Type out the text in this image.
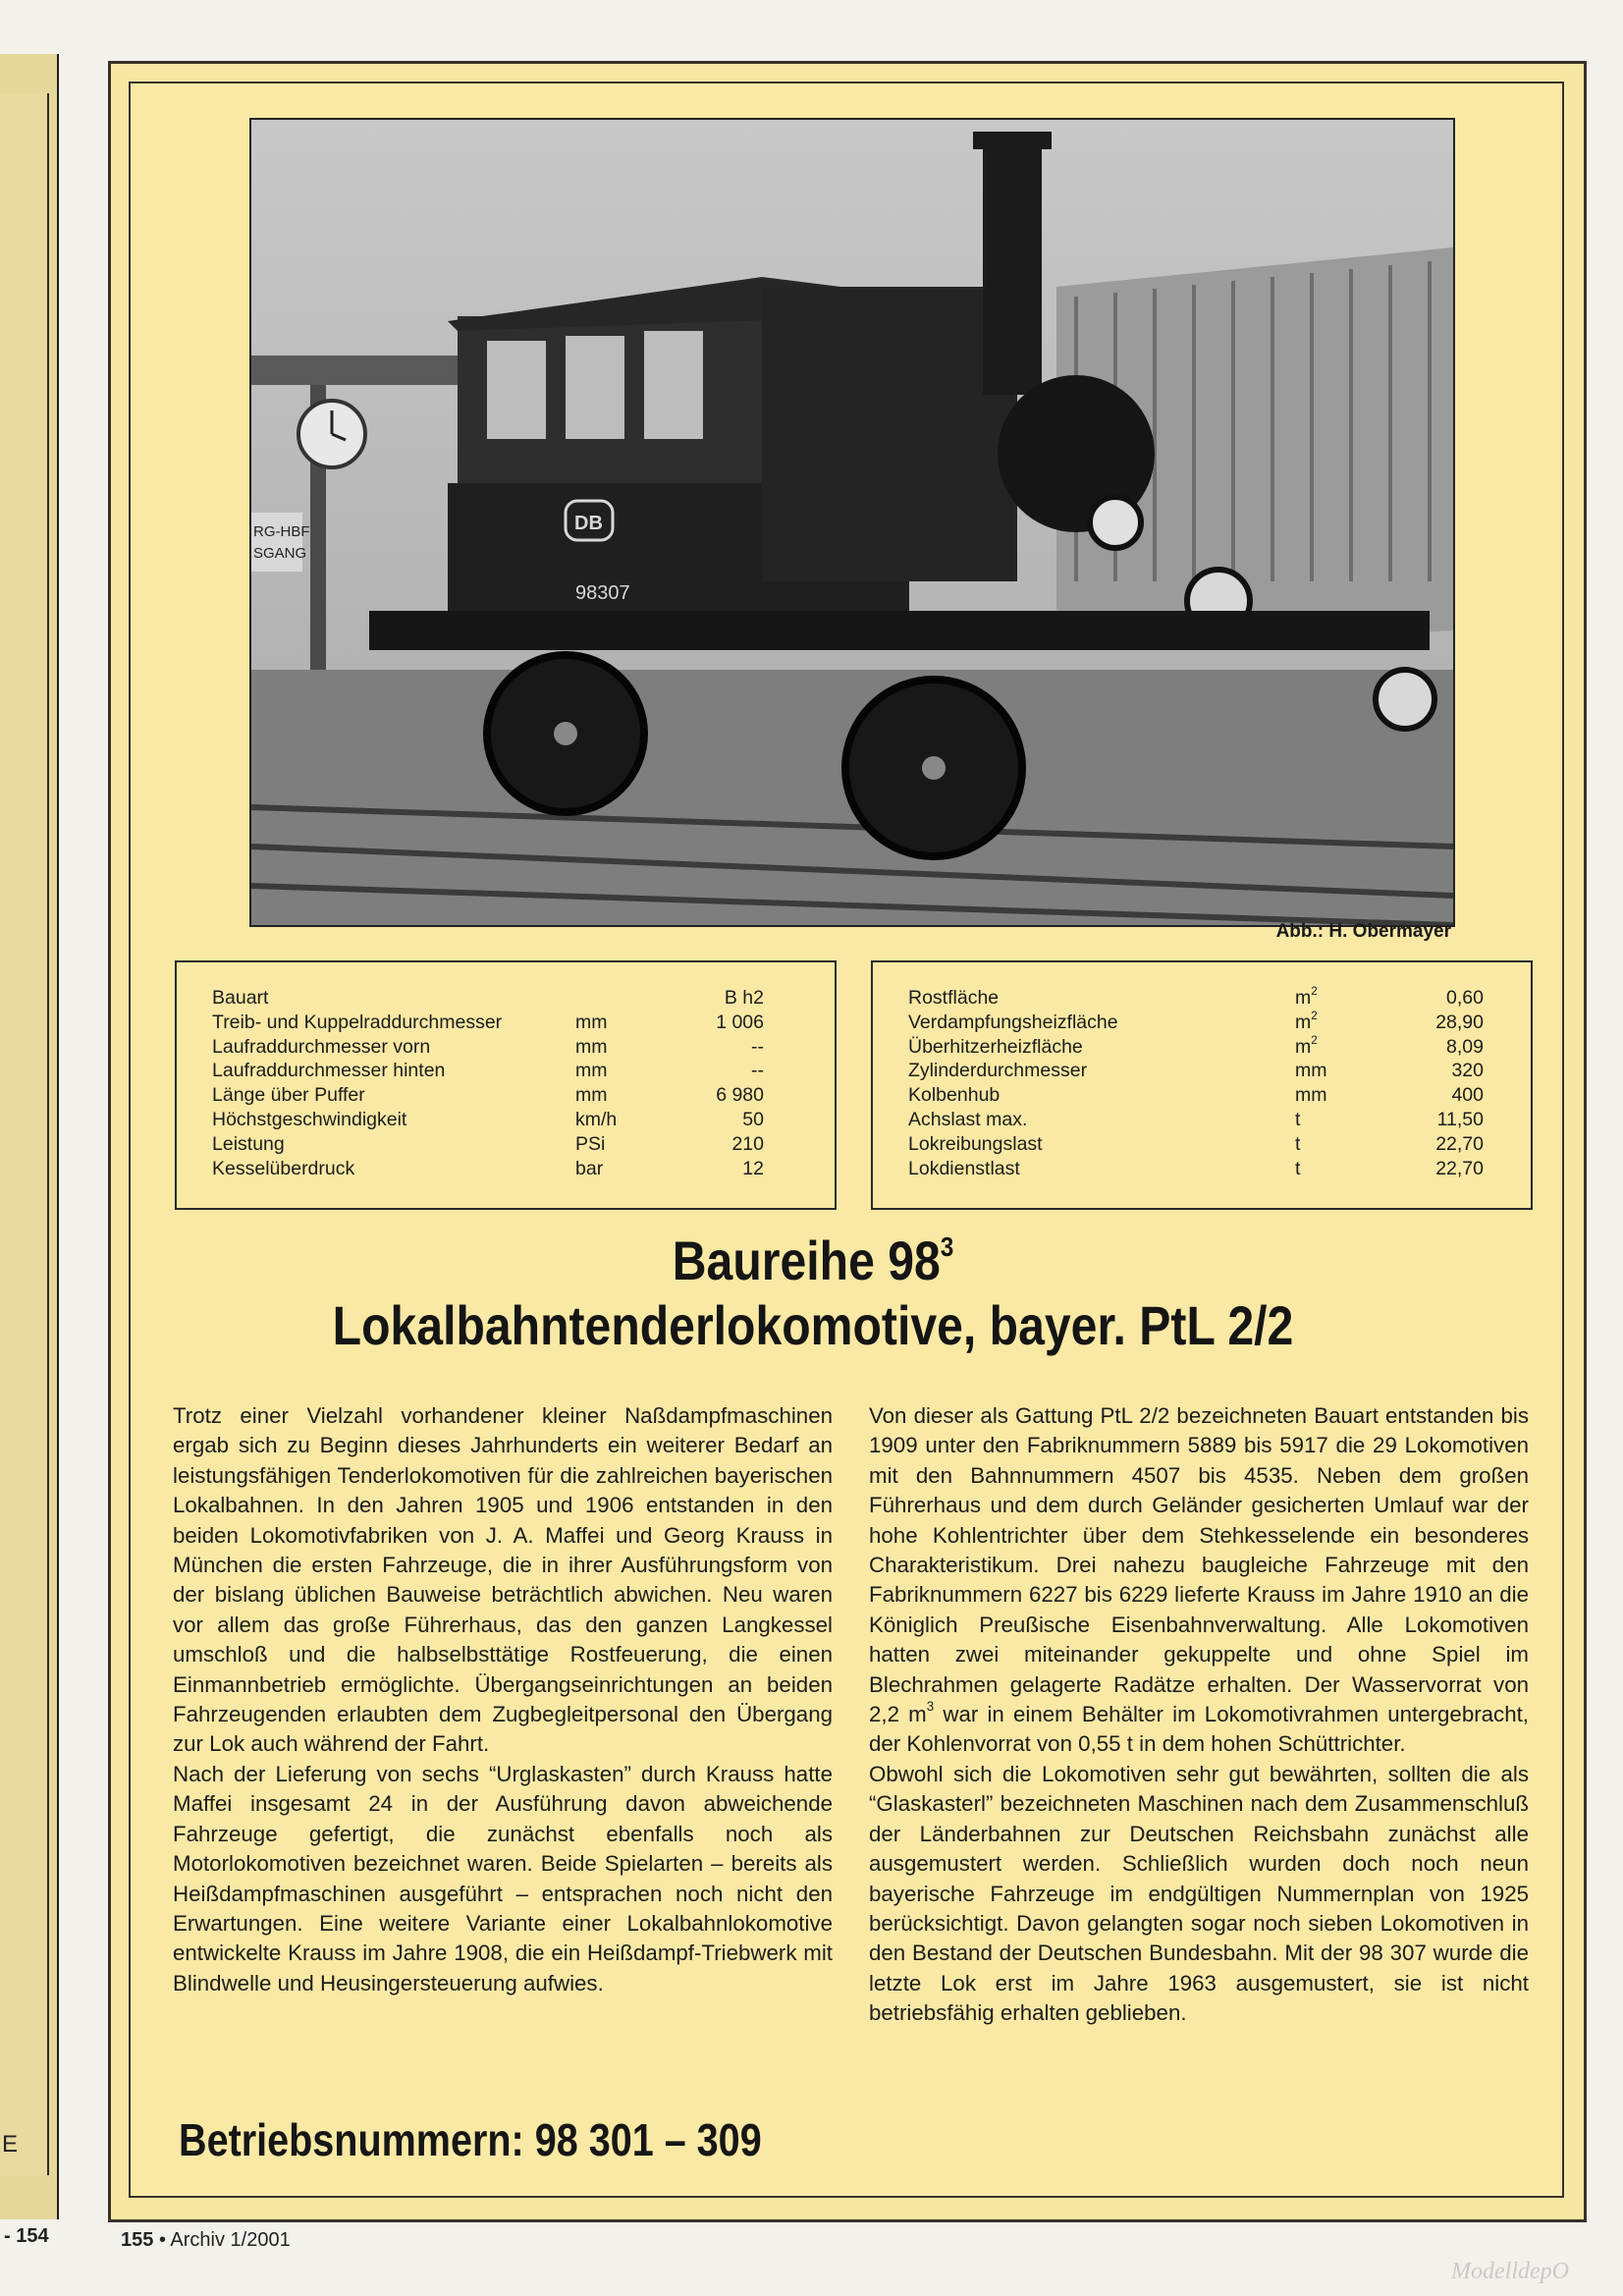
E
- 154
RG-HBF
SGANG
DB
98307
Abb.: H. Obermayer
Bauart		B h2
Treib- und Kuppelraddurchmesser	mm	1 006
Laufraddurchmesser vorn	mm	--
Laufraddurchmesser hinten	mm	--
Länge über Puffer	mm	6 980
Höchstgeschwindigkeit	km/h	50
Leistung	PSi	210
Kesselüberdruck	bar	12
Rostfläche	$m^2$	0,60
Verdampfungsheizfläche	$m^2$	28,90
Überhitzerheizfläche	$m^2$	8,09
Zylinderdurchmesser	mm	320
Kolbenhub	mm	400
Achslast max.	t	11,50
Lokreibungslast	t	22,70
Lokdienstlast	t	22,70
Baureihe $98^3$
Lokalbahntenderlokomotive, bayer. PtL 2/2

Trotz einer Vielzahl vorhandener kleiner Naßdampfmaschinen ergab sich zu Beginn dieses Jahrhunderts ein weiterer Bedarf an leistungsfähigen Tenderlokomotiven für die zahlreichen bayerischen Lokalbahnen. In den Jahren 1905 und 1906 entstanden in den beiden Lokomotivfabriken von J. A. Maffei und Georg Krauss in München die ersten Fahrzeuge, die in ihrer Ausführungsform von der bislang üblichen Bauweise beträchtlich abwichen. Neu waren vor allem das große Führerhaus, das den ganzen Langkessel umschloß und die halbselbsttätige Rostfeuerung, die einen Einmannbetrieb ermöglichte. Übergangseinrichtungen an beiden Fahrzeugenden erlaubten dem Zugbegleitpersonal den Übergang zur Lok auch während der Fahrt.

Nach der Lieferung von sechs “Urglaskasten” durch Krauss hatte Maffei insgesamt 24 in der Ausführung davon abweichende Fahrzeuge gefertigt, die zunächst ebenfalls noch als Motorlokomotiven bezeichnet waren. Beide Spielarten – bereits als Heißdampfmaschinen ausgeführt – entsprachen noch nicht den Erwartungen. Eine weitere Variante einer Lokalbahnlokomotive entwickelte Krauss im Jahre 1908, die ein Heißdampf-Triebwerk mit Blindwelle und Heusingersteuerung aufwies.

Von dieser als Gattung PtL 2/2 bezeichneten Bauart entstanden bis 1909 unter den Fabriknummern 5889 bis 5917 die 29 Lokomotiven mit den Bahnnummern 4507 bis 4535. Neben dem großen Führerhaus und dem durch Geländer gesicherten Umlauf war der hohe Kohlentrichter über dem Stehkesselende ein besonderes Charakteristikum. Drei nahezu baugleiche Fahrzeuge mit den Fabriknummern 6227 bis 6229 lieferte Krauss im Jahre 1910 an die Königlich Preußische Eisenbahnverwaltung. Alle Lokomotiven hatten zwei miteinander gekuppelte und ohne Spiel im Blechrahmen gelagerte Radätze erhalten. Der Wasservorrat von 2,2 $m^3$ war in einem Behälter im Lokomotivrahmen untergebracht, der Kohlenvorrat von 0,55 t in dem hohen Schüttrichter.

Obwohl sich die Lokomotiven sehr gut bewährten, sollten die als “Glaskasterl” bezeichneten Maschinen nach dem Zusammenschluß der Länderbahnen zur Deutschen Reichsbahn zunächst alle ausgemustert werden. Schließlich wurden doch noch neun bayerische Fahrzeuge im endgültigen Nummernplan von 1925 berücksichtigt. Davon gelangten sogar noch sieben Lokomotiven in den Bestand der Deutschen Bundesbahn. Mit der 98 307 wurde die letzte Lok erst im Jahre 1963 ausgemustert, sie ist nicht betriebsfähig erhalten geblieben.

Betriebsnummern: 98 301 – 309
155 • Archiv 1/2001
ModelldepO
